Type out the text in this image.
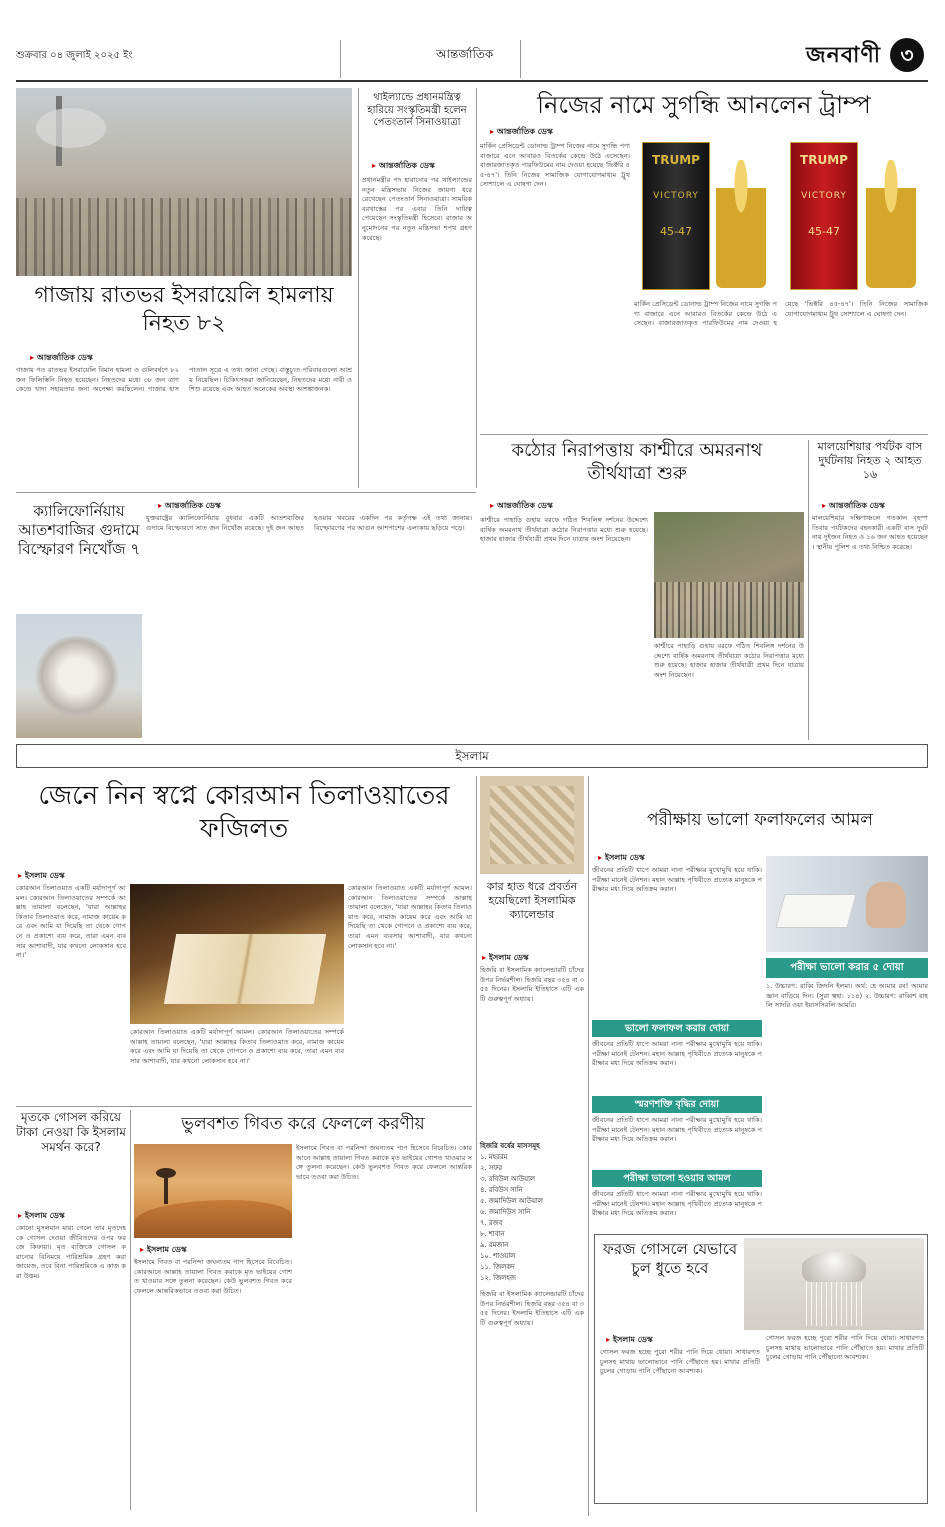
শুক্রবার ০৪ জুলাই ২০২৫ ইং	আন্তর্জাতিক	জনবাণী ৩
গাজায় রাতভর ইসরায়েলি হামলায় নিহত ৮২
▸ আন্তর্জাতিক ডেস্ক
গাজায় গত রাতভর ইসরায়েলি বিমান হামলা ও গুলিবর্ষণে ৮২ জন ফিলিস্তিনি নিহত হয়েছেন। নিহতদের মধ্যে ৩৮ জন ত্রাণকেন্দ্রে খাদ্য সহায়তার জন্য অপেক্ষা করছিলেন। গাজার হাসপাতাল সূত্রে এ তথ্য জানা গেছে। বাস্তুচ্যুত পরিবারগুলো আশ্রয় নিয়েছিল। চিকিৎসকরা জানিয়েছেন, নিহতদের মধ্যে নারী ও শিশু রয়েছে এবং আহত অনেকের অবস্থা আশঙ্কাজনক।
থাইল্যান্ডে প্রধানমন্ত্রিত্ব হারিয়ে সংস্কৃতিমন্ত্রী হলেন পেতংতার্ন সিনাওয়াত্রা
▸ আন্তর্জাতিক ডেস্ক
প্রধানমন্ত্রীর পদ হারানোর পর থাইল্যান্ডের নতুন মন্ত্রিসভায় নিজের জায়গা ধরে রেখেছেন পেতংতার্ন সিনাওয়াত্রা। সাময়িক বরখাস্তের পর এবার তিনি দায়িত্ব পেয়েছেন সংস্কৃতিমন্ত্রী হিসেবে। রাজার অনুমোদনের পর নতুন মন্ত্রিসভা শপথ গ্রহণ করেছে।
নিজের নামে সুগন্ধি আনলেন ট্রাম্প
▸ আন্তর্জাতিক ডেস্ক
মার্কিন প্রেসিডেন্ট ডোনাল্ড ট্রাম্প নিজের নামে সুগন্ধি পণ্য বাজারে এনে আবারও বিতর্কের কেন্দ্রে উঠে এসেছেন। বাজারজাতকৃত পারফিউমের নাম দেওয়া হয়েছে 'ভিক্টরি ৪৫-৪৭'। তিনি নিজের সামাজিক যোগাযোগমাধ্যম ট্রুথ সোশ্যালে এ ঘোষণা দেন।
TRUMP
VICTORY
45-47
TRUMP
VICTORY
45-47
মার্কিন প্রেসিডেন্ট ডোনাল্ড ট্রাম্প নিজের নামে সুগন্ধি পণ্য বাজারে এনে আবারও বিতর্কের কেন্দ্রে উঠে এসেছেন। বাজারজাতকৃত পারফিউমের নাম দেওয়া হয়েছে 'ভিক্টরি ৪৫-৪৭'। তিনি নিজের সামাজিক যোগাযোগমাধ্যম ট্রুথ সোশ্যালে এ ঘোষণা দেন।
কঠোর নিরাপত্তায় কাশ্মীরে অমরনাথ তীর্থযাত্রা শুরু
▸ আন্তর্জাতিক ডেস্ক
কাশ্মীরে পাহাড়ি গুহায় বরফে গঠিত শিবলিঙ্গ দর্শনের উদ্দেশ্যে বার্ষিক অমরনাথ তীর্থযাত্রা কঠোর নিরাপত্তার মধ্যে শুরু হয়েছে। হাজার হাজার তীর্থযাত্রী প্রথম দিনে যাত্রায় অংশ নিয়েছেন।
কাশ্মীরে পাহাড়ি গুহায় বরফে গঠিত শিবলিঙ্গ দর্শনের উদ্দেশ্যে বার্ষিক অমরনাথ তীর্থযাত্রা কঠোর নিরাপত্তার মধ্যে শুরু হয়েছে। হাজার হাজার তীর্থযাত্রী প্রথম দিনে যাত্রায় অংশ নিয়েছেন।
মালয়েশিয়ার পর্যটক বাস দুর্ঘটনায় নিহত ২ আহত ১৬
▸ আন্তর্জাতিক ডেস্ক
মালয়েশিয়ার দক্ষিণাঞ্চলে গতকাল বৃহস্পতিবার পর্যটকদের বহনকারী একটি বাস দুর্ঘটনায় দুইজন নিহত ও ১৬ জন আহত হয়েছেন। স্থানীয় পুলিশ এ তথ্য নিশ্চিত করেছে।
ক্যালিফোর্নিয়ায় আতশবাজির গুদামে বিস্ফোরণ নিখোঁজ ৭
▸ আন্তর্জাতিক ডেস্ক
যুক্তরাষ্ট্রের ক্যালিফোর্নিয়ায় বুধবার একটি আতশবাজির গুদামে বিস্ফোরণে সাত জন নিখোঁজ রয়েছে। দুই জন আহত হওয়ার খবরের একদিন পর কর্তৃপক্ষ এই তথ্য জানায়। বিস্ফোরণের পর আগুন আশপাশের এলাকায় ছড়িয়ে পড়ে।
ইসলাম
জেনে নিন স্বপ্নে কোরআন তিলাওয়াতের ফজিলত
▸ ইসলাম ডেস্ক
কোরআন তিলাওয়াত একটি মর্যাদাপূর্ণ আমল। কোরআন তিলাওয়াতের সম্পর্কে আল্লাহ তায়ালা বলেছেন, 'যারা আল্লাহর কিতাব তিলাওয়াত করে, নামাজ কায়েম করে এবং আমি যা দিয়েছি তা থেকে গোপনে ও প্রকাশ্যে ব্যয় করে, তারা এমন ব্যবসার আশাবাদী, যার কখনো লোকসান হবে না।'
কোরআন তিলাওয়াত একটি মর্যাদাপূর্ণ আমল। কোরআন তিলাওয়াতের সম্পর্কে আল্লাহ তায়ালা বলেছেন, 'যারা আল্লাহর কিতাব তিলাওয়াত করে, নামাজ কায়েম করে এবং আমি যা দিয়েছি তা থেকে গোপনে ও প্রকাশ্যে ব্যয় করে, তারা এমন ব্যবসার আশাবাদী, যার কখনো লোকসান হবে না।'
কোরআন তিলাওয়াত একটি মর্যাদাপূর্ণ আমল। কোরআন তিলাওয়াতের সম্পর্কে আল্লাহ তায়ালা বলেছেন, 'যারা আল্লাহর কিতাব তিলাওয়াত করে, নামাজ কায়েম করে এবং আমি যা দিয়েছি তা থেকে গোপনে ও প্রকাশ্যে ব্যয় করে, তারা এমন ব্যবসার আশাবাদী, যার কখনো লোকসান হবে না।'
কার হাত ধরে প্রবর্তন হয়েছিলো ইসলামিক ক্যালেন্ডার
▸ ইসলাম ডেস্ক
হিজরি বা ইসলামিক ক্যালেন্ডারটি চাঁদের উপর নির্ভরশীল। হিজরি বছর ৩৫৪ বা ৩৫৫ দিনের। ইসলামি ইতিহাসে এটি একটি গুরুত্বপূর্ণ অধ্যায়।
হিজরি বর্ষের মাসসমূহ
১. মহররম
২. সফর
৩. রবিউল আউয়াল
৪. রবিউস সানি
৫. জমাদিউল আউয়াল
৬. জমাদিউস সানি
৭. রজব
৮. শাবান
৯. রমজান
১০. শাওয়াল
১১. জিলকদ
১২. জিলহজ
হিজরি বা ইসলামিক ক্যালেন্ডারটি চাঁদের উপর নির্ভরশীল। হিজরি বছর ৩৫৪ বা ৩৫৫ দিনের। ইসলামি ইতিহাসে এটি একটি গুরুত্বপূর্ণ অধ্যায়।
পরীক্ষায় ভালো ফলাফলের আমল
▸ ইসলাম ডেস্ক
জীবনের প্রতিটি ধাপে আমরা নানা পরীক্ষার মুখোমুখি হয়ে থাকি। পরীক্ষা মানেই টেনশন। মহান আল্লাহ পৃথিবীতে প্রত্যেক মানুষকে পরীক্ষার মধ্য দিয়ে অতিক্রম করান।
ভালো ফলাফল করার দোয়া
জীবনের প্রতিটি ধাপে আমরা নানা পরীক্ষার মুখোমুখি হয়ে থাকি। পরীক্ষা মানেই টেনশন। মহান আল্লাহ পৃথিবীতে প্রত্যেক মানুষকে পরীক্ষার মধ্য দিয়ে অতিক্রম করান।
স্মরণশক্তি বৃদ্ধির দোয়া
জীবনের প্রতিটি ধাপে আমরা নানা পরীক্ষার মুখোমুখি হয়ে থাকি। পরীক্ষা মানেই টেনশন। মহান আল্লাহ পৃথিবীতে প্রত্যেক মানুষকে পরীক্ষার মধ্য দিয়ে অতিক্রম করান।
পরীক্ষা ভালো হওয়ার আমল
জীবনের প্রতিটি ধাপে আমরা নানা পরীক্ষার মুখোমুখি হয়ে থাকি। পরীক্ষা মানেই টেনশন। মহান আল্লাহ পৃথিবীতে প্রত্যেক মানুষকে পরীক্ষার মধ্য দিয়ে অতিক্রম করান।
পরীক্ষা ভালো করার ৫ দোয়া
১. উচ্চারণ: রাব্বি জিদনি ইলমা। অর্থ: হে আমার রব! আমার জ্ঞান বাড়িয়ে দিন। (সুরা ত্বহা: ১১৪) ২. উচ্চারণ: রাব্বিশ রাহলি সাদরি ওয়া ইয়াসসিরলি আমরি।
ফরজ গোসলে যেভাবে চুল ধুতে হবে
▸ ইসলাম ডেস্ক
গোসল ফরজ হচ্ছে পুরো শরীর পানি দিয়ে ধোয়া। সাধারণত চুলসহ মাথায় ভালোভাবে পানি পৌঁছাতে হয়। মাথার প্রতিটি চুলের গোড়ায় পানি পৌঁছানো আবশ্যক।
গোসল ফরজ হচ্ছে পুরো শরীর পানি দিয়ে ধোয়া। সাধারণত চুলসহ মাথায় ভালোভাবে পানি পৌঁছাতে হয়। মাথার প্রতিটি চুলের গোড়ায় পানি পৌঁছানো আবশ্যক।
মৃতকে গোসল করিয়ে টাকা নেওয়া কি ইসলাম সমর্থন করে?
▸ ইসলাম ডেস্ক
কোনো মুসলমান মারা গেলে তার মৃতদেহকে গোসল দেওয়া জীবিতদের ওপর ফরজে কিফায়া। মৃত ব্যক্তিকে গোসল করানোর বিনিময়ে পারিশ্রমিক গ্রহণ করা জায়েজ, তবে বিনা পারিশ্রমিকে এ কাজ করা উত্তম।
ভুলবশত গিবত করে ফেললে করণীয়
▸ ইসলাম ডেস্ক
ইসলামে গিবত বা পরনিন্দা জঘন্যতম পাপ হিসেবে বিবেচিত। কোরআনে আল্লাহ তায়ালা গিবত করাকে মৃত ভাইয়ের গোশত খাওয়ার সঙ্গে তুলনা করেছেন। কেউ ভুলবশত গিবত করে ফেললে আন্তরিকভাবে তওবা করা উচিত।
ইসলামে গিবত বা পরনিন্দা জঘন্যতম পাপ হিসেবে বিবেচিত। কোরআনে আল্লাহ তায়ালা গিবত করাকে মৃত ভাইয়ের গোশত খাওয়ার সঙ্গে তুলনা করেছেন। কেউ ভুলবশত গিবত করে ফেললে আন্তরিকভাবে তওবা করা উচিত।
